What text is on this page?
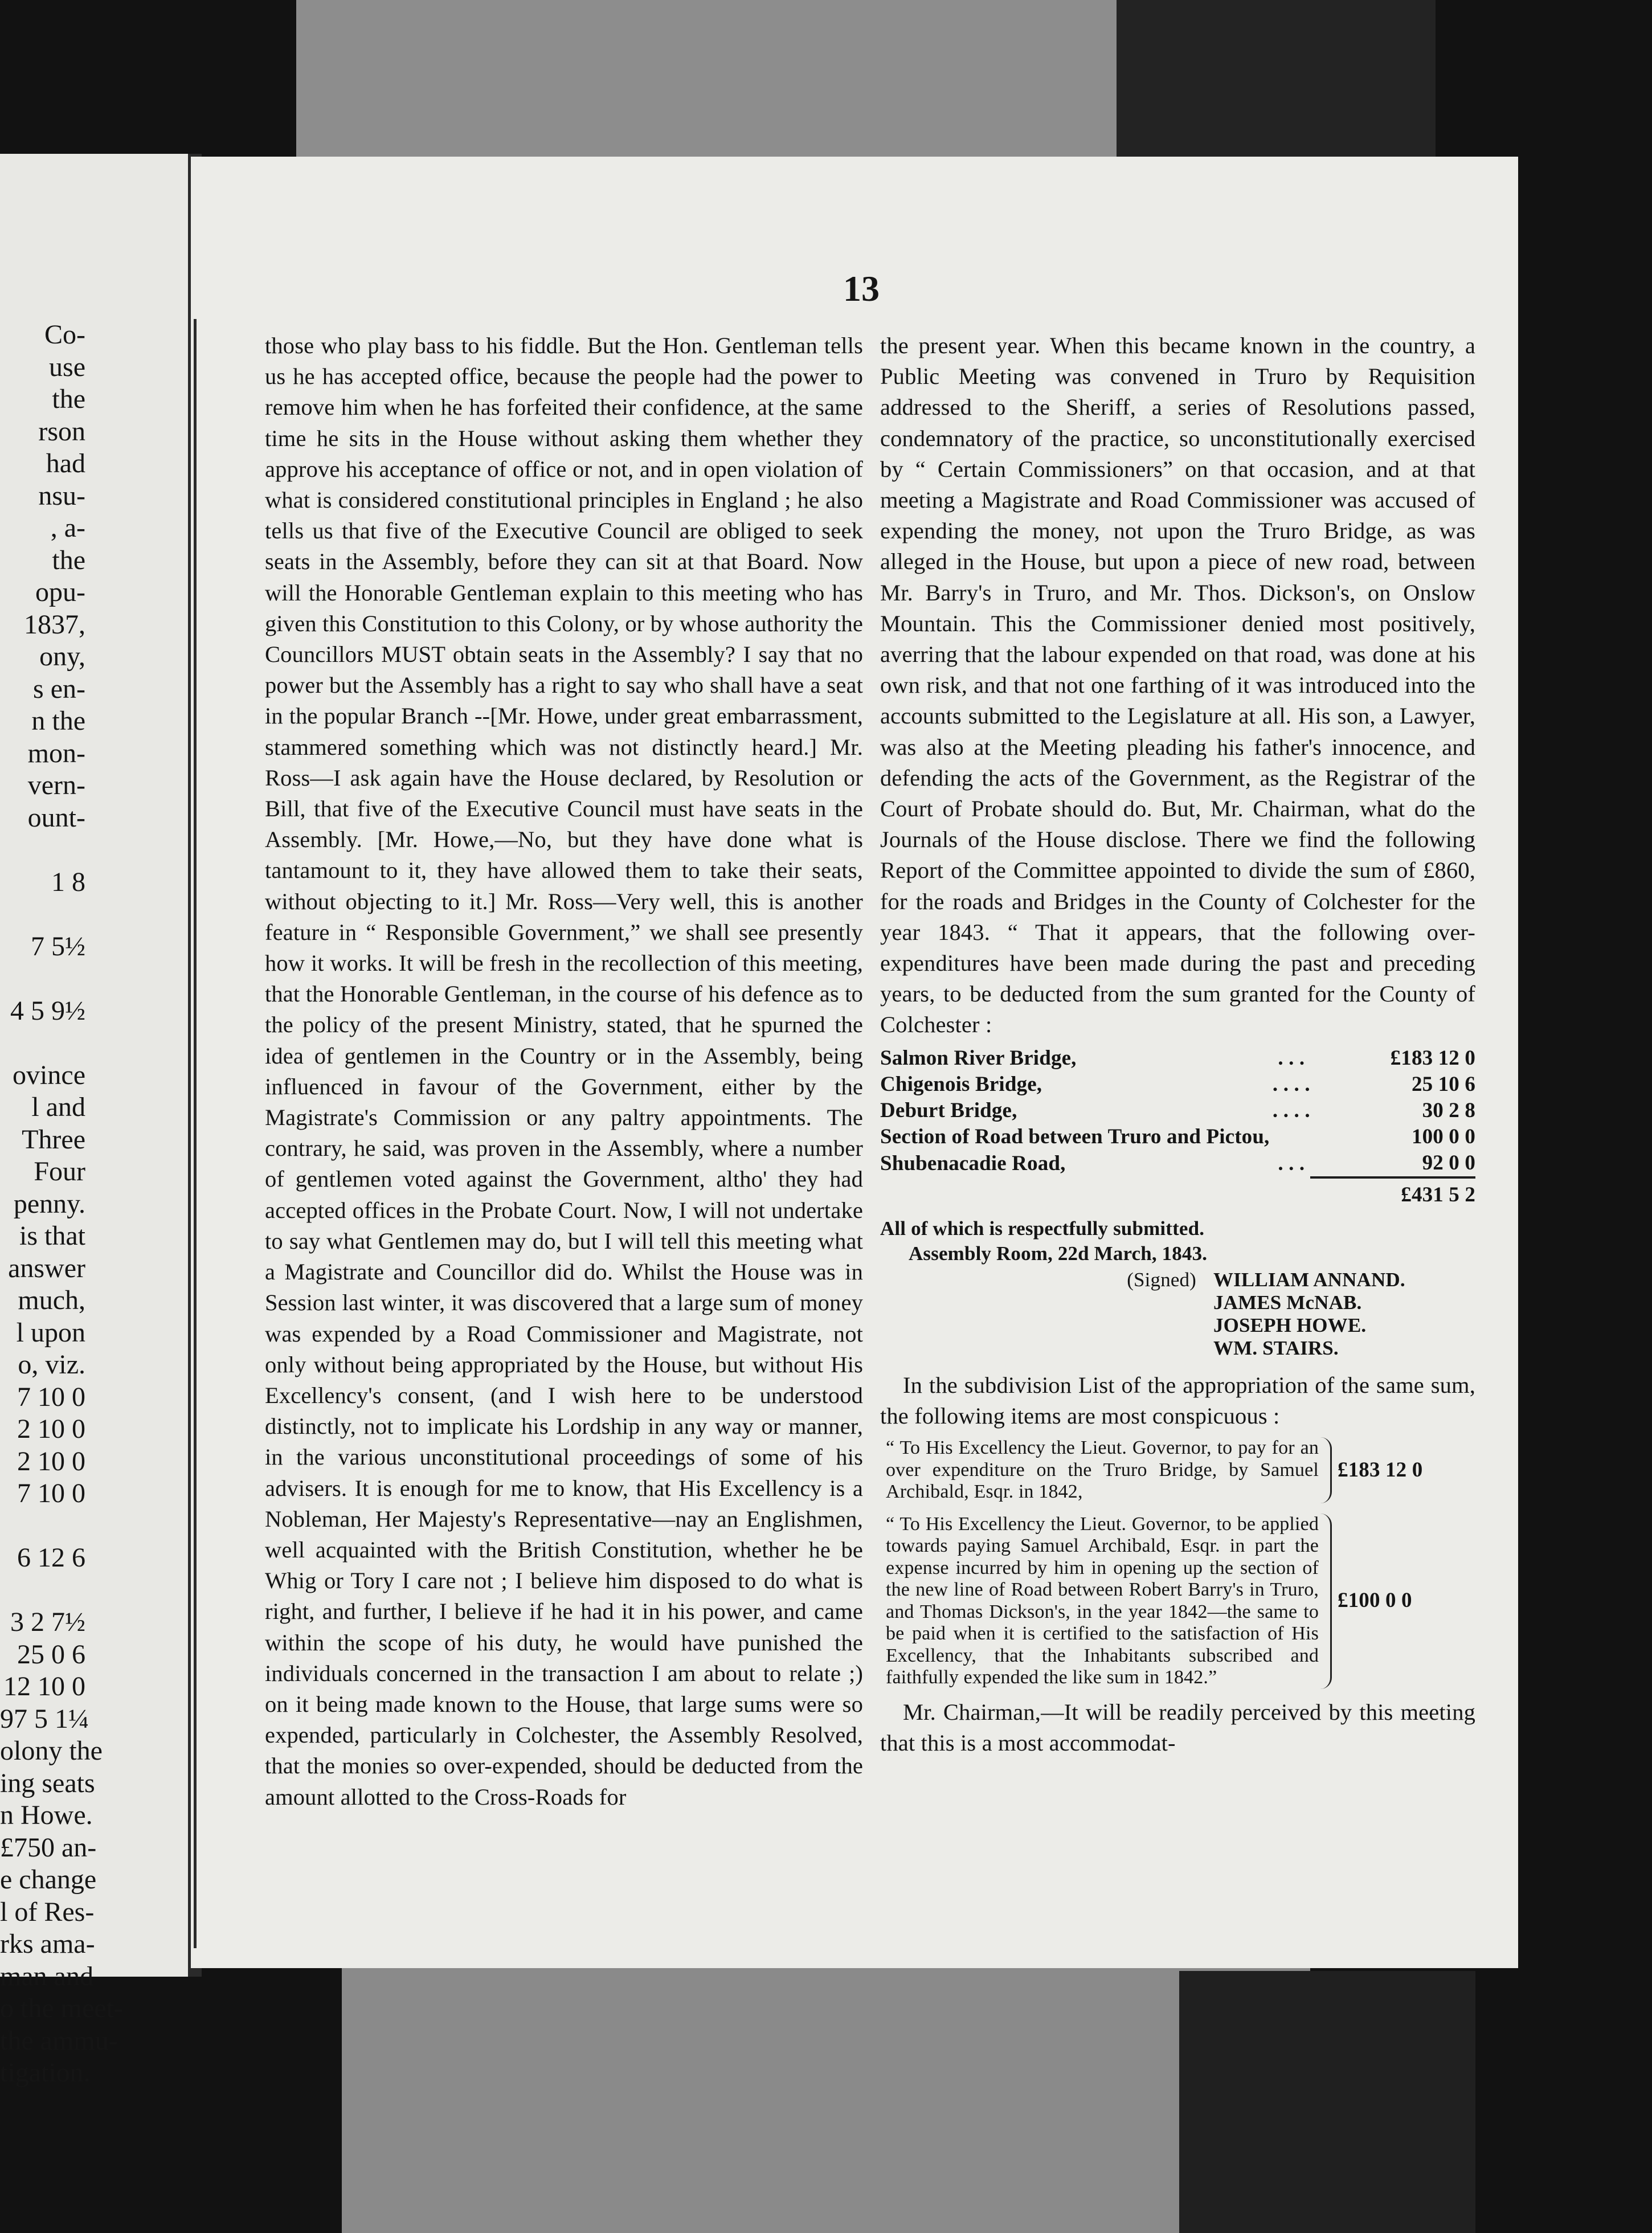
Co-
use
the
rson
had
nsu-
, a-
the
opu-
1837,
ony,
s en-
n the
mon-
vern-
ount-
1 8
7 5½
4 5 9½
ovince
l and
Three
Four
penny.
is that
answer
much,
l upon
o, viz.
7 10 0
2 10 0
2 10 0
7 10 0
6 12 6
3 2 7½
25 0 6
12 10 0
97 5 1¼
olony the
ing seats
n Howe.
£750 an-
e change
l of Res-
rks ama-
man and
o the meet-
the ammu-
tigation.
13

those who play bass to his fiddle. But the Hon. Gentleman tells us he has accepted office, because the people had the power to remove him when he has forfeited their confidence, at the same time he sits in the House without asking them whether they approve his acceptance of office or not, and in open violation of what is considered constitutional principles in England ; he also tells us that five of the Executive Council are obliged to seek seats in the Assembly, before they can sit at that Board. Now will the Honorable Gentleman explain to this meeting who has given this Constitution to this Colony, or by whose authority the Councillors MUST obtain seats in the Assembly? I say that no power but the Assembly has a right to say who shall have a seat in the popular Branch --[Mr. Howe, under great embarrassment, stammered something which was not distinctly heard.] Mr. Ross—I ask again have the House declared, by Resolution or Bill, that five of the Executive Council must have seats in the Assembly. [Mr. Howe,—No, but they have done what is tantamount to it, they have allowed them to take their seats, without objecting to it.] Mr. Ross—Very well, this is another feature in “ Responsible Government,” we shall see presently how it works. It will be fresh in the recollection of this meeting, that the Honorable Gentleman, in the course of his defence as to the policy of the present Ministry, stated, that he spurned the idea of gentlemen in the Country or in the Assembly, being influenced in favour of the Government, either by the Magistrate's Commission or any paltry appointments. The contrary, he said, was proven in the Assembly, where a number of gentlemen voted against the Government, altho' they had accepted offices in the Probate Court. Now, I will not undertake to say what Gentlemen may do, but I will tell this meeting what a Magistrate and Councillor did do. Whilst the House was in Session last winter, it was discovered that a large sum of money was expended by a Road Commissioner and Magistrate, not only without being appropriated by the House, but without His Excellency's consent, (and I wish here to be understood distinctly, not to implicate his Lordship in any way or manner, in the various unconstitutional proceedings of some of his advisers. It is enough for me to know, that His Excellency is a Nobleman, Her Majesty's Representative—nay an Englishmen, well acquainted with the British Constitution, whether he be Whig or Tory I care not ; I believe him disposed to do what is right, and further, I believe if he had it in his power, and came within the scope of his duty, he would have punished the individuals concerned in the transaction I am about to relate ;) on it being made known to the House, that large sums were so expended, particularly in Colchester, the Assembly Resolved, that the monies so over-expended, should be deducted from the amount allotted to the Cross-Roads for

the present year. When this became known in the country, a Public Meeting was convened in Truro by Requisition addressed to the Sheriff, a series of Resolutions passed, condemnatory of the practice, so unconstitutionally exercised by “ Certain Commissioners” on that occasion, and at that meeting a Magistrate and Road Commissioner was accused of expending the money, not upon the Truro Bridge, as was alleged in the House, but upon a piece of new road, between Mr. Barry's in Truro, and Mr. Thos. Dickson's, on Onslow Mountain. This the Commissioner denied most positively, averring that the labour expended on that road, was done at his own risk, and that not one farthing of it was introduced into the accounts submitted to the Legislature at all. His son, a Lawyer, was also at the Meeting pleading his father's innocence, and defending the acts of the Government, as the Registrar of the Court of Probate should do. But, Mr. Chairman, what do the Journals of the House disclose. There we find the following Report of the Committee appointed to divide the sum of £860, for the roads and Bridges in the County of Colchester for the year 1843. “ That it appears, that the following over-expenditures have been made during the past and preceding years, to be deducted from the sum granted for the County of Colchester :

Salmon River Bridge,	. . .	£183 12 0
Chigenois Bridge,	. . . .	25 10 6
Deburt Bridge,	. . . .	30 2 8
Section of Road between Truro and Pictou,		100 0 0
Shubenacadie Road,	. . .	92 0 0
		£431 5 2
All of which is respectfully submitted.
Assembly Room, 22d March, 1843.
(Signed) WILLIAM ANNAND.
JAMES McNAB.
JOSEPH HOWE.
WM. STAIRS.

In the subdivision List of the appropriation of the same sum, the following items are most conspicuous :

“ To His Excellency the Lieut. Governor, to pay for an over expenditure on the Truro Bridge, by Samuel Archibald, Esqr. in 1842,
£183 12 0
“ To His Excellency the Lieut. Governor, to be applied towards paying Samuel Archibald, Esqr. in part the expense incurred by him in opening up the section of the new line of Road between Robert Barry's in Truro, and Thomas Dickson's, in the year 1842—the same to be paid when it is certified to the satisfaction of His Excellency, that the Inhabitants subscribed and faithfully expended the like sum in 1842.”
£100 0 0

Mr. Chairman,—It will be readily perceived by this meeting that this is a most accommodat-
